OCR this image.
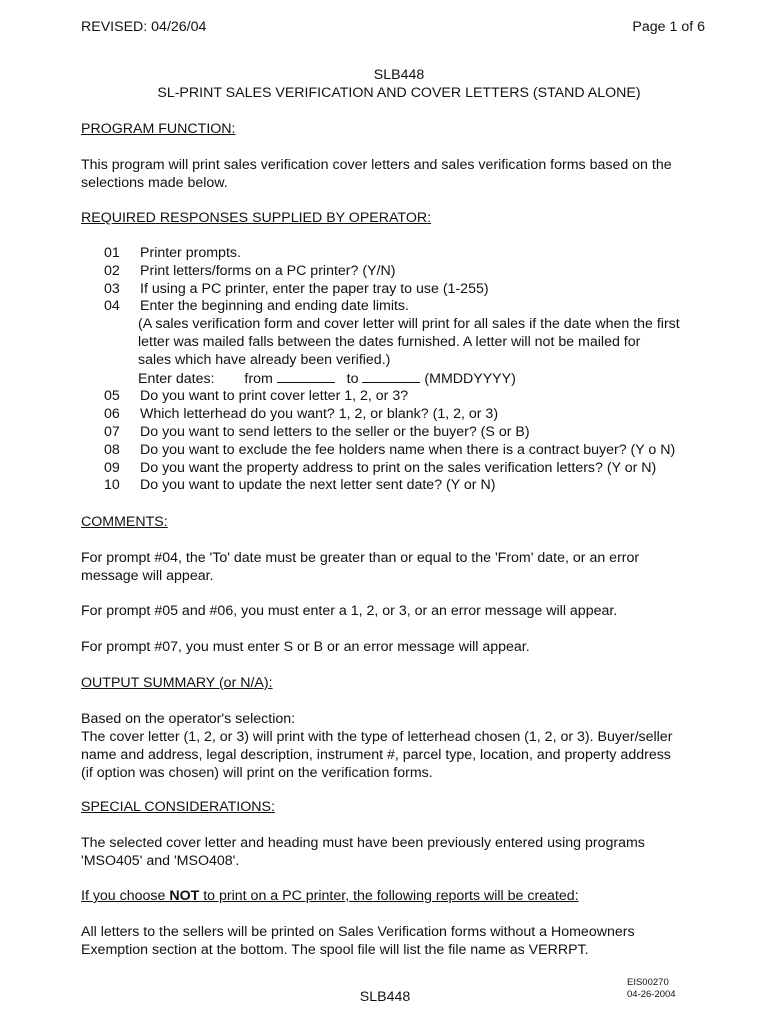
REVISED: 04/26/04	Page 1 of 6
SLB448
SL-PRINT SALES VERIFICATION AND COVER LETTERS (STAND ALONE)
PROGRAM FUNCTION:

This program will print sales verification cover letters and sales verification forms based on the

selections made below.

REQUIRED RESPONSES SUPPLIED BY OPERATOR:
01	Printer prompts.
02	Print letters/forms on a PC printer? (Y/N)
03	If using a PC printer, enter the paper tray to use (1-255)
04	Enter the beginning and ending date limits.

(A sales verification form and cover letter will print for all sales if the date when the first

letter was mailed falls between the dates furnished. A letter will not be mailed for

sales which have already been verified.)

Enter dates: from	to	(MMDDYYYY)

05	Do you want to print cover letter 1, 2, or 3?
06	Which letterhead do you want? 1, 2, or blank? (1, 2, or 3)
07	Do you want to send letters to the seller or the buyer? (S or B)
08	Do you want to exclude the fee holders name when there is a contract buyer? (Y o N)
09	Do you want the property address to print on the sales verification letters? (Y or N)
10	Do you want to update the next letter sent date? (Y or N)
COMMENTS:

For prompt #04, the 'To' date must be greater than or equal to the 'From' date, or an error

message will appear.

For prompt #05 and #06, you must enter a 1, 2, or 3, or an error message will appear.

For prompt #07, you must enter S or B or an error message will appear.

OUTPUT SUMMARY (or N/A):

Based on the operator's selection:

The cover letter (1, 2, or 3) will print with the type of letterhead chosen (1, 2, or 3). Buyer/seller

name and address, legal description, instrument #, parcel type, location, and property address

(if option was chosen) will print on the verification forms.

SPECIAL CONSIDERATIONS:

The selected cover letter and heading must have been previously entered using programs

'MSO405' and 'MSO408'.

If you choose NOT to print on a PC printer, the following reports will be created:

All letters to the sellers will be printed on Sales Verification forms without a Homeowners

Exemption section at the bottom. The spool file will list the file name as VERRPT.

EIS00270
04-26-2004
SLB448
